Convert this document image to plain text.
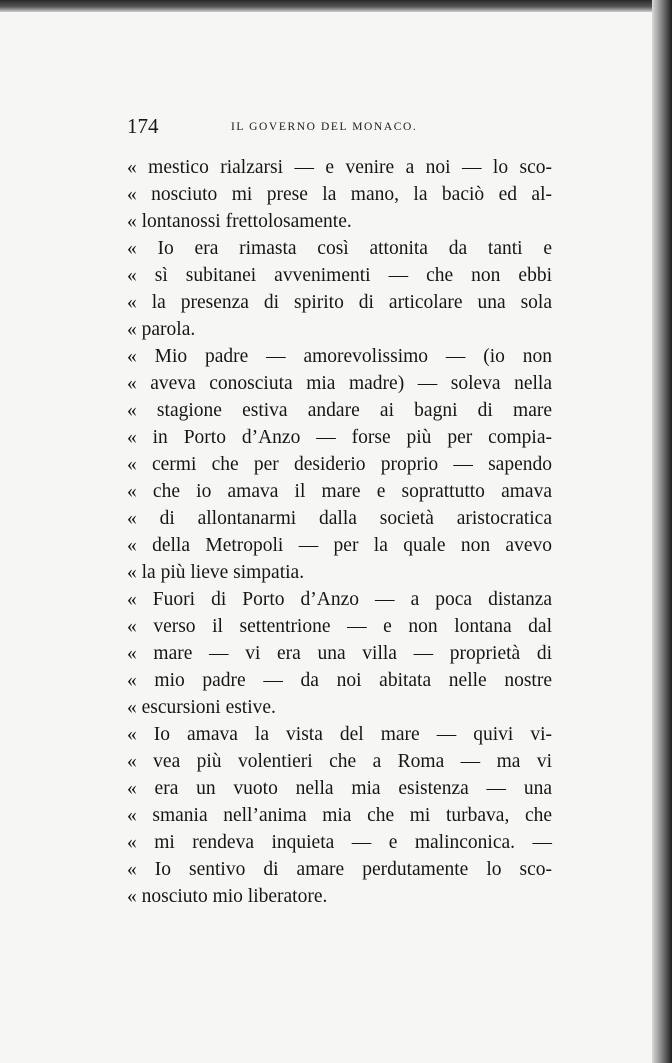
174	IL GOVERNO DEL MONACO.
« mestico rialzarsi — e venire a noi — lo sco-
« nosciuto mi prese la mano, la baciò ed al-
« lontanossi frettolosamente.
« Io era rimasta così attonita da tanti e
« sì subitanei avvenimenti — che non ebbi
« la presenza di spirito di articolare una sola
« parola.
« Mio padre — amorevolissimo — (io non
« aveva conosciuta mia madre) — soleva nella
« stagione estiva andare ai bagni di mare
« in Porto d’Anzo — forse più per compia-
« cermi che per desiderio proprio — sapendo
« che io amava il mare e soprattutto amava
« di allontanarmi dalla società aristocratica
« della Metropoli — per la quale non avevo
« la più lieve simpatia.
« Fuori di Porto d’Anzo — a poca distanza
« verso il settentrione — e non lontana dal
« mare — vi era una villa — proprietà di
« mio padre — da noi abitata nelle nostre
« escursioni estive.
« Io amava la vista del mare — quivi vi-
« vea più volentieri che a Roma — ma vi
« era un vuoto nella mia esistenza — una
« smania nell’anima mia che mi turbava, che
« mi rendeva inquieta — e malinconica. —
« Io sentivo di amare perdutamente lo sco-
« nosciuto mio liberatore.
